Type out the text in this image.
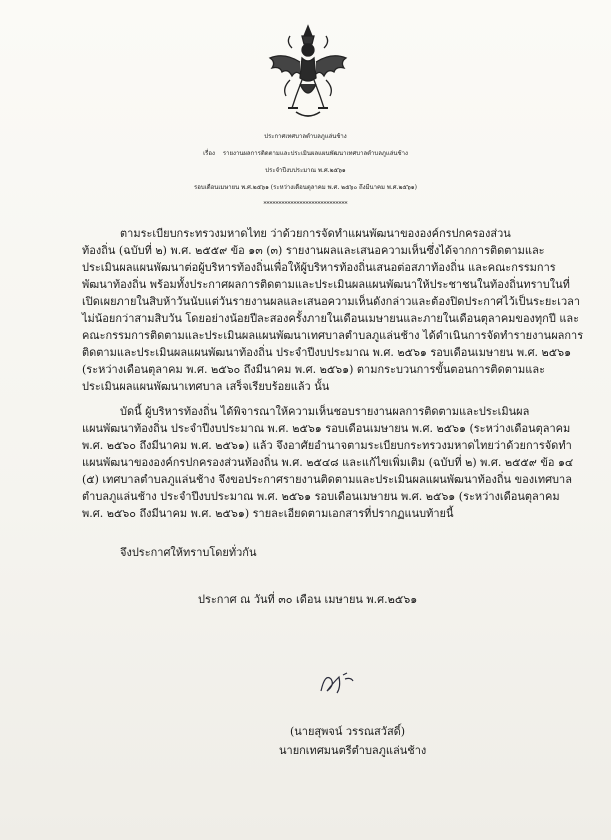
ประกาศเทศบาลตำบลภูแล่นช้าง
เรื่อง รายงานผลการติดตามและประเมินผลแผนพัฒนาเทศบาลตำบลภูแล่นช้าง
ประจำปีงบประมาณ พ.ศ.๒๕๖๑
รอบเดือนเมษายน พ.ศ.๒๕๖๑ (ระหว่างเดือนตุลาคม พ.ศ. ๒๕๖๐ ถึงมีนาคม พ.ศ.๒๕๖๑)
****************************
ตามระเบียบกระทรวงมหาดไทย ว่าด้วยการจัดทำแผนพัฒนาขององค์กรปกครองส่วน
ท้องถิ่น (ฉบับที่ ๒) พ.ศ. ๒๕๕๙ ข้อ ๑๓ (๓) รายงานผลและเสนอความเห็นซึ่งได้จากการติดตามและ
ประเมินผลแผนพัฒนาต่อผู้บริหารท้องถิ่นเพื่อให้ผู้บริหารท้องถิ่นเสนอต่อสภาท้องถิ่น และคณะกรรมการ
พัฒนาท้องถิ่น พร้อมทั้งประกาศผลการติดตามและประเมินผลแผนพัฒนาให้ประชาชนในท้องถิ่นทราบในที่
เปิดเผยภายในสิบห้าวันนับแต่วันรายงานผลและเสนอความเห็นดังกล่าวและต้องปิดประกาศไว้เป็นระยะเวลา
ไม่น้อยกว่าสามสิบวัน โดยอย่างน้อยปีละสองครั้งภายในเดือนเมษายนและภายในเดือนตุลาคมของทุกปี และ
คณะกรรมการติดตามและประเมินผลแผนพัฒนาเทศบาลตำบลภูแล่นช้าง ได้ดำเนินการจัดทำรายงานผลการ
ติดตามและประเมินผลแผนพัฒนาท้องถิ่น ประจำปีงบประมาณ พ.ศ. ๒๕๖๑ รอบเดือนเมษายน พ.ศ. ๒๕๖๑
(ระหว่างเดือนตุลาคม พ.ศ. ๒๕๖๐ ถึงมีนาคม พ.ศ. ๒๕๖๑) ตามกระบวนการขั้นตอนการติดตามและ
ประเมินผลแผนพัฒนาเทศบาล เสร็จเรียบร้อยแล้ว นั้น
บัดนี้ ผู้บริหารท้องถิ่น ได้พิจารณาให้ความเห็นชอบรายงานผลการติดตามและประเมินผล
แผนพัฒนาท้องถิ่น ประจำปีงบประมาณ พ.ศ. ๒๕๖๑ รอบเดือนเมษายน พ.ศ. ๒๕๖๑ (ระหว่างเดือนตุลาคม
พ.ศ. ๒๕๖๐ ถึงมีนาคม พ.ศ. ๒๕๖๑) แล้ว จึงอาศัยอำนาจตามระเบียบกระทรวงมหาดไทยว่าด้วยการจัดทำ
แผนพัฒนาขององค์กรปกครองส่วนท้องถิ่น พ.ศ. ๒๕๔๘ และแก้ไขเพิ่มเติม (ฉบับที่ ๒) พ.ศ. ๒๕๕๙ ข้อ ๑๔
(๕) เทศบาลตำบลภูแล่นช้าง จึงขอประกาศรายงานติดตามและประเมินผลแผนพัฒนาท้องถิ่น ของเทศบาล
ตำบลภูแล่นช้าง ประจำปีงบประมาณ พ.ศ. ๒๕๖๑ รอบเดือนเมษายน พ.ศ. ๒๕๖๑ (ระหว่างเดือนตุลาคม
พ.ศ. ๒๕๖๐ ถึงมีนาคม พ.ศ. ๒๕๖๑) รายละเอียดตามเอกสารที่ปรากฏแนบท้ายนี้
จึงประกาศให้ทราบโดยทั่วกัน
ประกาศ ณ วันที่ ๓๐ เดือน เมษายน พ.ศ.๒๕๖๑
(นายสุพจน์ วรรณสวัสดิ์)
นายกเทศมนตรีตำบลภูแล่นช้าง
